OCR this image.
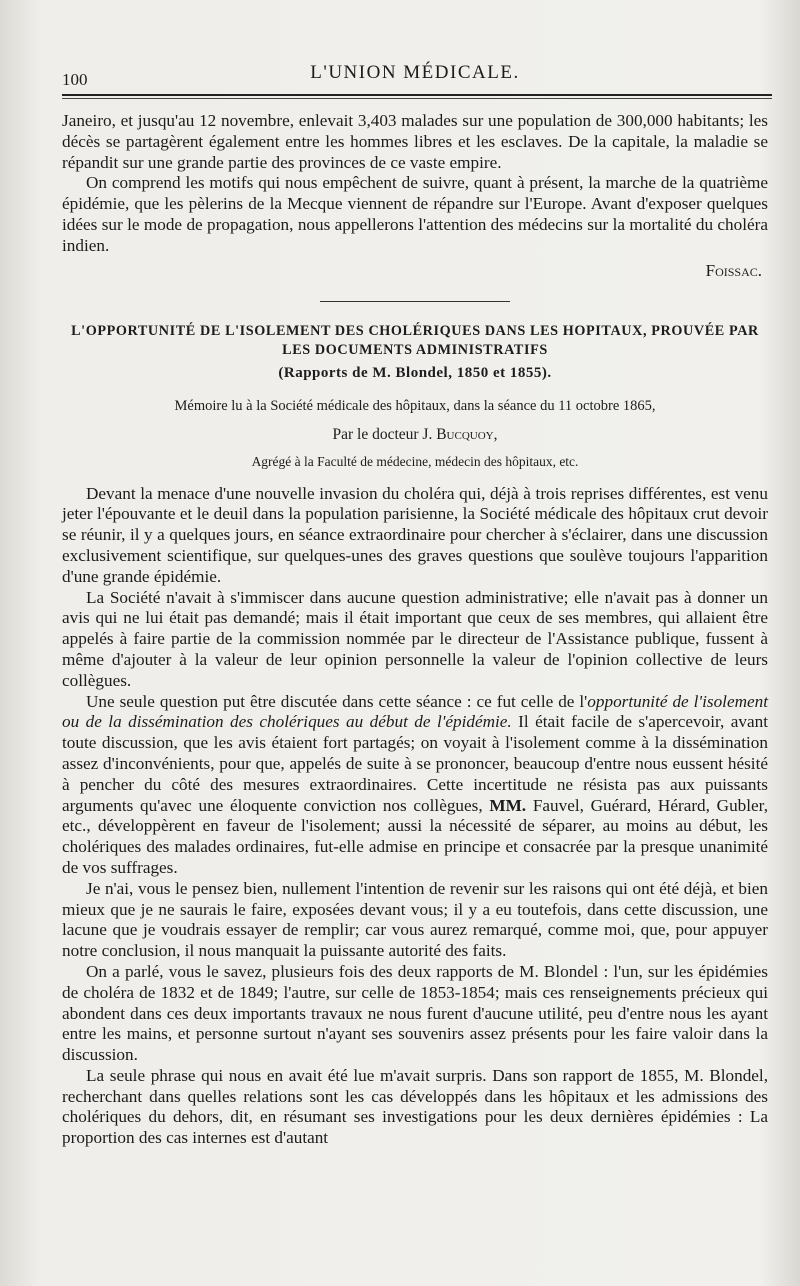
100	L'UNION MÉDICALE.

Janeiro, et jusqu'au 12 novembre, enlevait 3,403 malades sur une population de 300,000 habitants; les décès se partagèrent également entre les hommes libres et les esclaves. De la capitale, la maladie se répandit sur une grande partie des provinces de ce vaste empire.

On comprend les motifs qui nous empêchent de suivre, quant à présent, la marche de la quatrième épidémie, que les pèlerins de la Mecque viennent de répandre sur l'Europe. Avant d'exposer quelques idées sur le mode de propagation, nous appellerons l'attention des médecins sur la mortalité du choléra indien.

Foissac.
L'OPPORTUNITÉ DE L'ISOLEMENT DES CHOLÉRIQUES DANS LES HOPITAUX, PROUVÉE PAR LES DOCUMENTS ADMINISTRATIFS
(Rapports de M. Blondel, 1850 et 1855).
Mémoire lu à la Société médicale des hôpitaux, dans la séance du 11 octobre 1865,
Par le docteur J. Bucquoy,
Agrégé à la Faculté de médecine, médecin des hôpitaux, etc.

Devant la menace d'une nouvelle invasion du choléra qui, déjà à trois reprises différentes, est venu jeter l'épouvante et le deuil dans la population parisienne, la Société médicale des hôpitaux crut devoir se réunir, il y a quelques jours, en séance extraordinaire pour chercher à s'éclairer, dans une discussion exclusivement scientifique, sur quelques-unes des graves questions que soulève toujours l'apparition d'une grande épidémie.

La Société n'avait à s'immiscer dans aucune question administrative; elle n'avait pas à donner un avis qui ne lui était pas demandé; mais il était important que ceux de ses membres, qui allaient être appelés à faire partie de la commission nommée par le directeur de l'Assistance publique, fussent à même d'ajouter à la valeur de leur opinion personnelle la valeur de l'opinion collective de leurs collègues.

Une seule question put être discutée dans cette séance : ce fut celle de l'opportunité de l'isolement ou de la dissémination des cholériques au début de l'épidémie. Il était facile de s'apercevoir, avant toute discussion, que les avis étaient fort partagés; on voyait à l'isolement comme à la dissémination assez d'inconvénients, pour que, appelés de suite à se prononcer, beaucoup d'entre nous eussent hésité à pencher du côté des mesures extraordinaires. Cette incertitude ne résista pas aux puissants arguments qu'avec une éloquente conviction nos collègues, MM. Fauvel, Guérard, Hérard, Gubler, etc., développèrent en faveur de l'isolement; aussi la nécessité de séparer, au moins au début, les cholériques des malades ordinaires, fut-elle admise en principe et consacrée par la presque unanimité de vos suffrages.

Je n'ai, vous le pensez bien, nullement l'intention de revenir sur les raisons qui ont été déjà, et bien mieux que je ne saurais le faire, exposées devant vous; il y a eu toutefois, dans cette discussion, une lacune que je voudrais essayer de remplir; car vous aurez remarqué, comme moi, que, pour appuyer notre conclusion, il nous manquait la puissante autorité des faits.

On a parlé, vous le savez, plusieurs fois des deux rapports de M. Blondel : l'un, sur les épidémies de choléra de 1832 et de 1849; l'autre, sur celle de 1853-1854; mais ces renseignements précieux qui abondent dans ces deux importants travaux ne nous furent d'aucune utilité, peu d'entre nous les ayant entre les mains, et personne surtout n'ayant ses souvenirs assez présents pour les faire valoir dans la discussion.

La seule phrase qui nous en avait été lue m'avait surpris. Dans son rapport de 1855, M. Blondel, recherchant dans quelles relations sont les cas développés dans les hôpitaux et les admissions des cholériques du dehors, dit, en résumant ses investigations pour les deux dernières épidémies : La proportion des cas internes est d'autant
